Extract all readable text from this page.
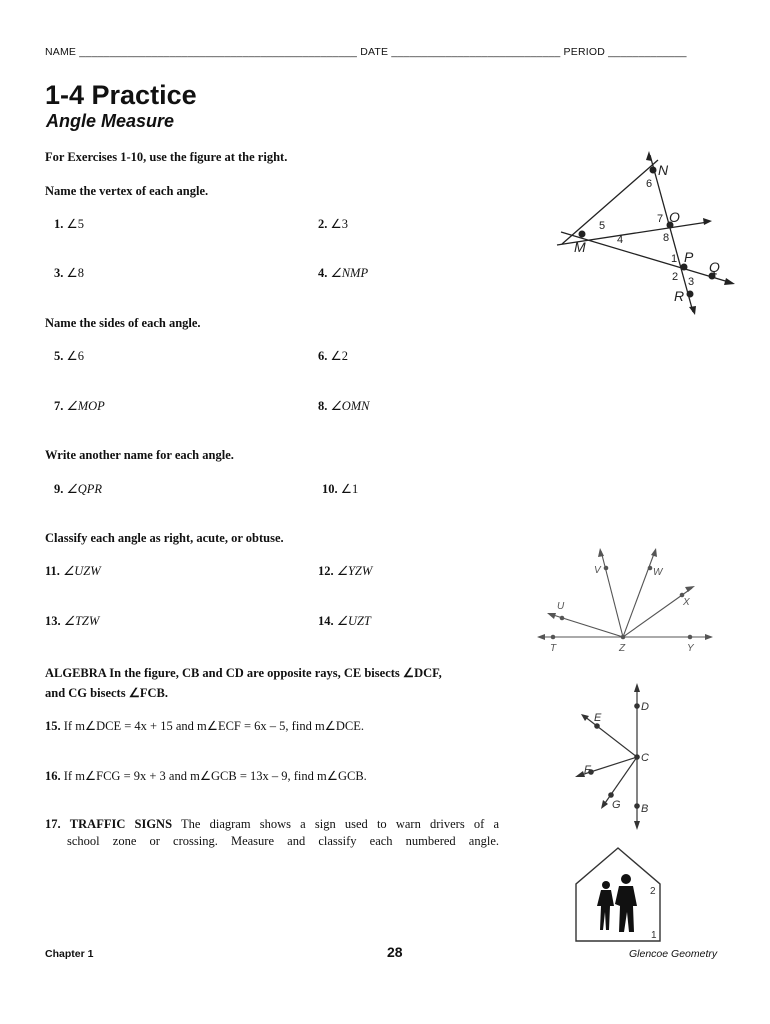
NAME ______________________________________________ DATE ____________________________ PERIOD _____________
1-4 Practice
Angle Measure
For Exercises 1-10, use the figure at the right.
Name the vertex of each angle.
1. ∠5	2. ∠3
3. ∠8	4. ∠NMP
Name the sides of each angle.
5. ∠6	6. ∠2
7. ∠MOP	8. ∠OMN
Write another name for each angle.
9. ∠QPR	10. ∠1
Classify each angle as right, acute, or obtuse.
11. ∠UZW	12. ∠YZW
13. ∠TZW	14. ∠UZT
ALGEBRA In the figure, CB and CD are opposite rays, CE bisects ∠DCF,
and CG bisects ∠FCB.
15. If m∠DCE = 4x + 15 and m∠ECF = 6x – 5, find m∠DCE.
16. If m∠FCG = 9x + 3 and m∠GCB = 13x – 9, find m∠GCB.
17. TRAFFIC SIGNS The diagram shows a sign used to warn drivers of a
school zone or crossing. Measure and classify each numbered angle.
N
O
M
P
Q
R
6
5
4
7
8
1
2 3
V	W
X
U
T	Z	Y
D
E
C
F
G B
2
1
Chapter 1	28	Glencoe Geometry
